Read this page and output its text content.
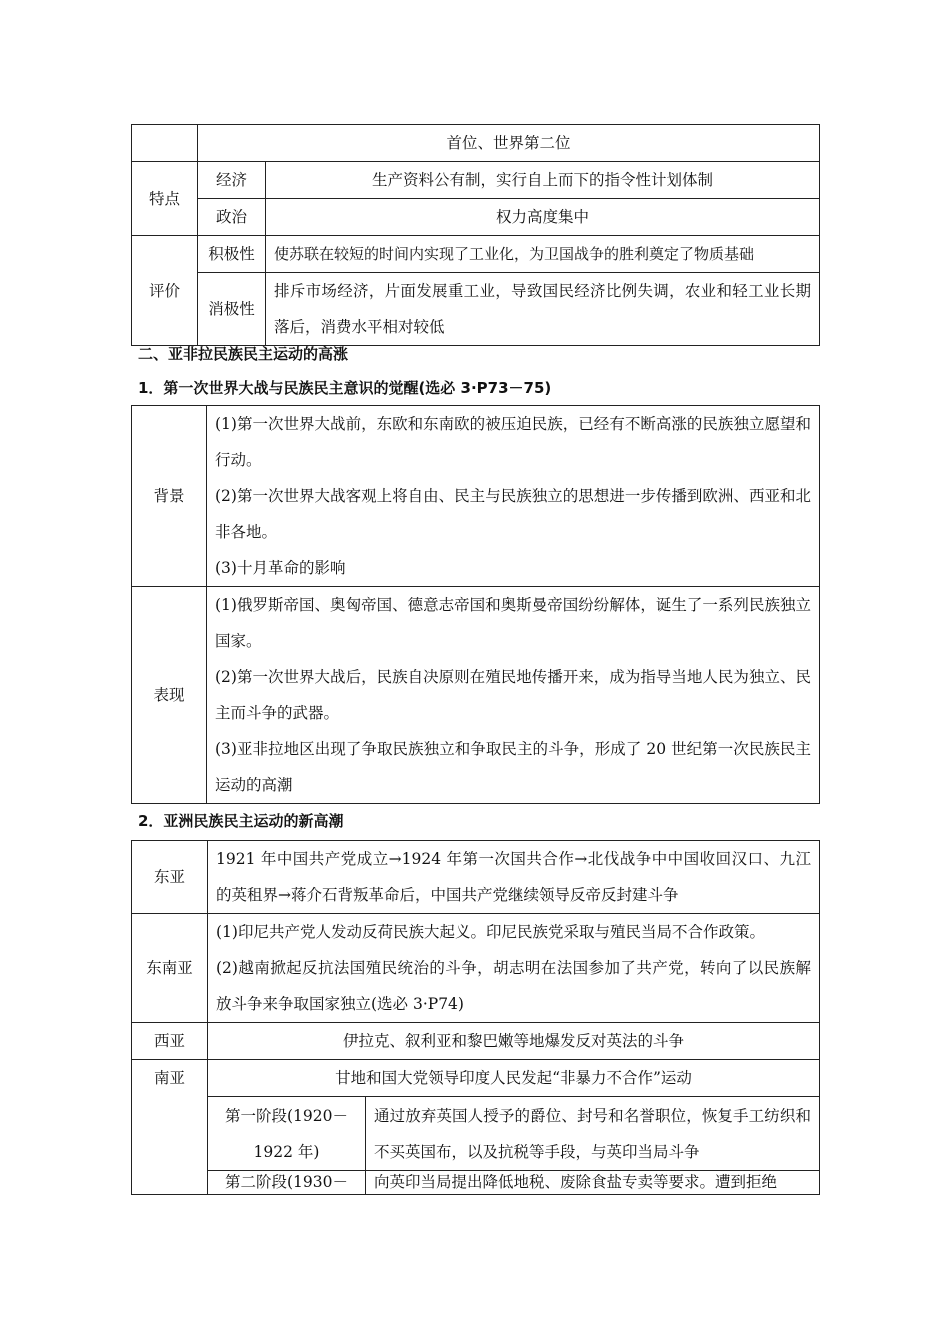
	首位、世界第二位	
特点	经济	生产资料公有制，实行自上而下的指令性计划体制
	政治	权力高度集中
评价	积极性	使苏联在较短的时间内实现了工业化，为卫国战争的胜利奠定了物质基础
	消极性	排斥市场经济，片面发展重工业，导致国民经济比例失调，农业和轻工业长期落后，消费水平相对较低
二、亚非拉民族民主运动的高涨
1．第一次世界大战与民族民主意识的觉醒(选必 3·P73－75)
背景	(1)第一次世界大战前，东欧和东南欧的被压迫民族，已经有不断高涨的民族独立愿望和行动。
(2)第一次世界大战客观上将自由、民主与民族独立的思想进一步传播到欧洲、西亚和北非各地。
(3)十月革命的影响

表现	(1)俄罗斯帝国、奥匈帝国、德意志帝国和奥斯曼帝国纷纷解体，诞生了一系列民族独立国家。
(2)第一次世界大战后，民族自决原则在殖民地传播开来，成为指导当地人民为独立、民主而斗争的武器。
(3)亚非拉地区出现了争取民族独立和争取民主的斗争，形成了 20 世纪第一次民族民主运动的高潮
2．亚洲民族民主运动的新高潮
东亚	1921 年中国共产党成立→1924 年第一次国共合作→北伐战争中中国收回汉口、九江的英租界→蒋介石背叛革命后，中国共产党继续领导反帝反封建斗争	
东南亚	(1)印尼共产党人发动反荷民族大起义。印尼民族党采取与殖民当局不合作政策。
(2)越南掀起反抗法国殖民统治的斗争，胡志明在法国参加了共产党，转向了以民族解放斗争来争取国家独立(选必 3·P74)	

西亚	伊拉克、叙利亚和黎巴嫩等地爆发反对英法的斗争	
南亚	甘地和国大党领导印度人民发起“非暴力不合作”运动	
	第一阶段(1920－1922 年)	通过放弃英国人授予的爵位、封号和名誉职位，恢复手工纺织和不买英国布，以及抗税等手段，与英印当局斗争
	第二阶段(1930－	向英印当局提出降低地税、废除食盐专卖等要求。遭到拒绝
